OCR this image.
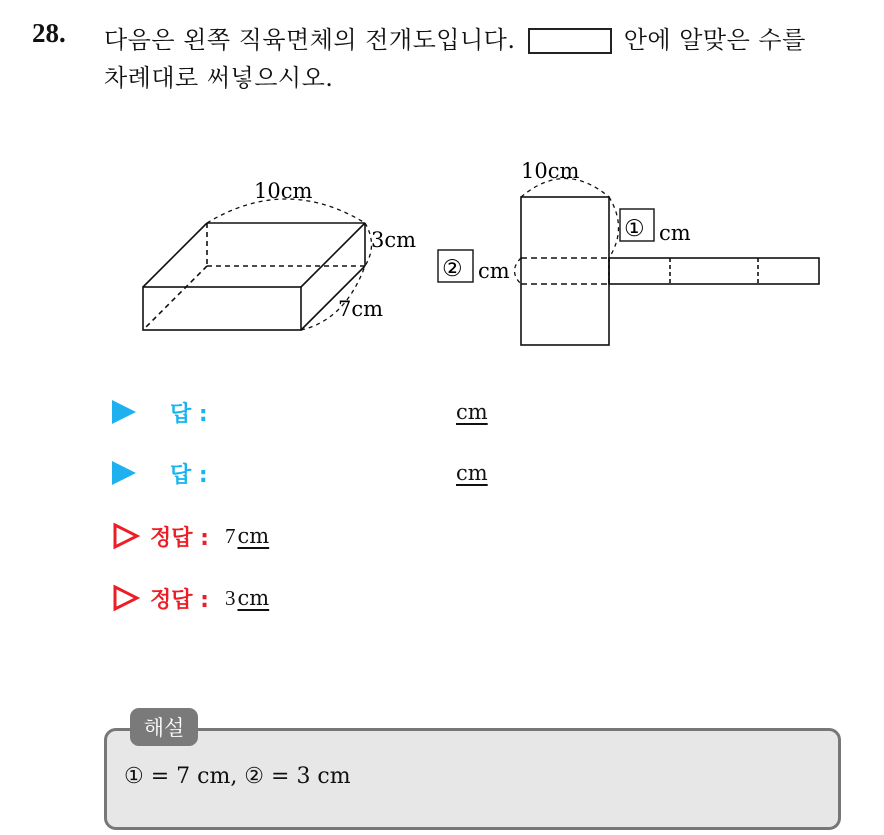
28. 다음은 왼쪽 직육면체의 전개도입니다.	안에 알맞은 수를
차례대로 써넣으시오.
10cm
3cm
7cm
10cm
① cm
② cm
답 :	cm
답 :	cm
정답 : 7 cm
정답 : 3 cm
해설
① = 7 cm, ② = 3 cm
